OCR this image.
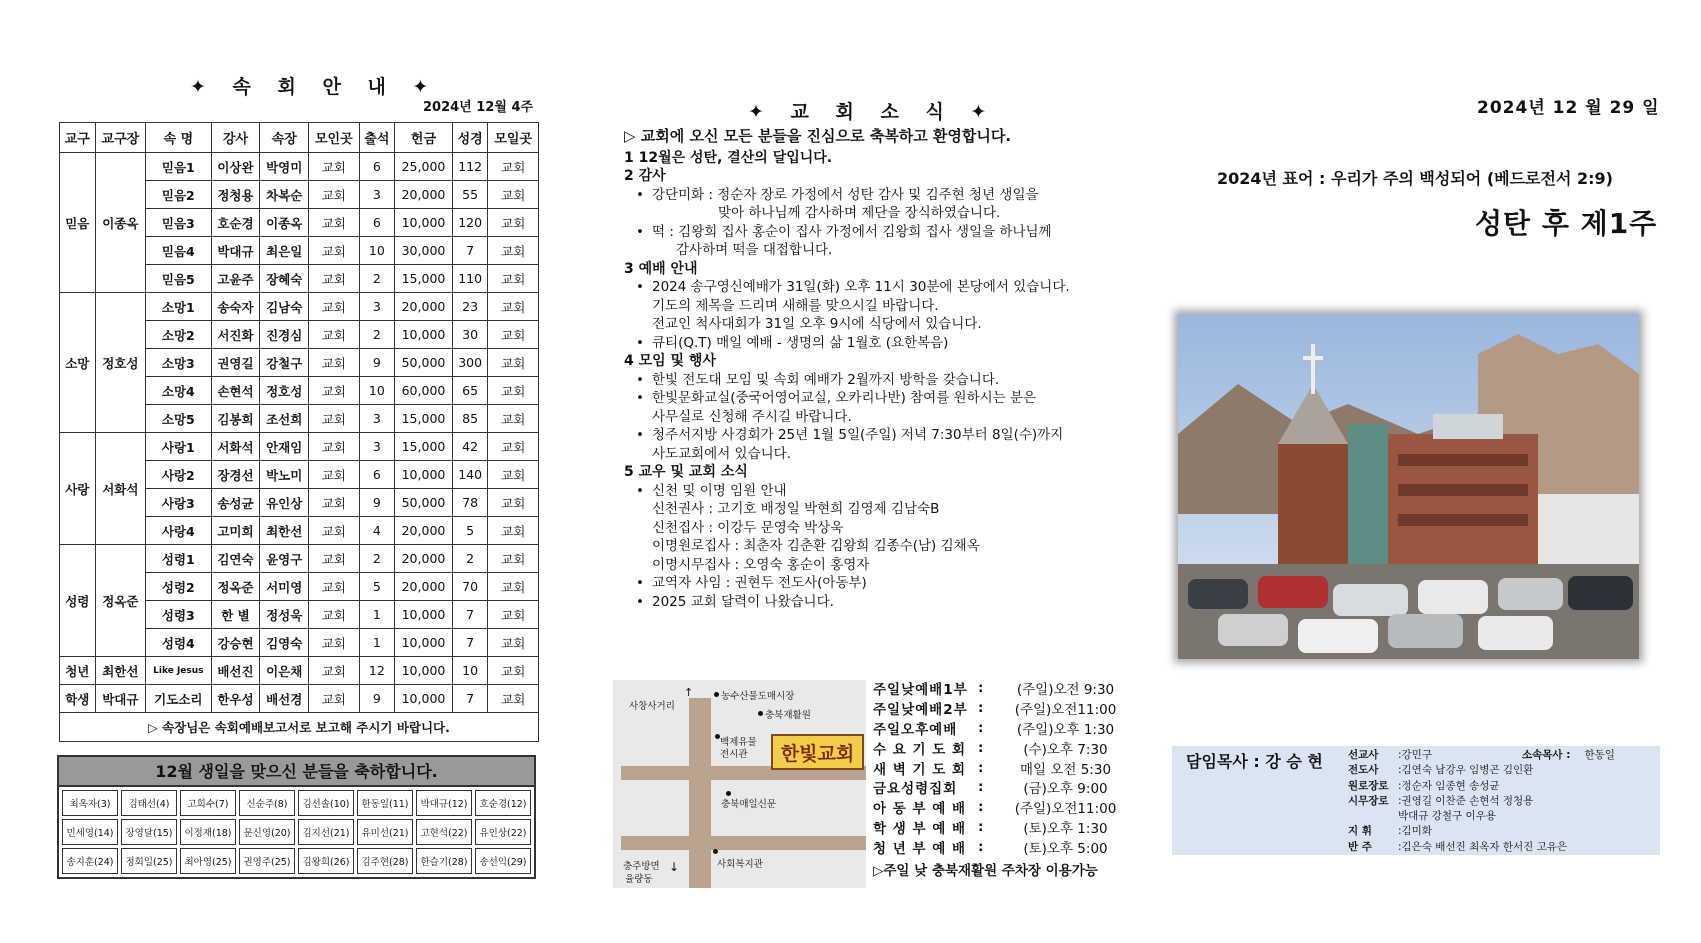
✦ 속 회 안 내 ✦
2024년 12월 4주
교구	교구장	속 명	강사	속장	모인곳	출석	헌금	성경	모일곳
믿음	이종옥	믿음1	이상완	박영미	교회	6	25,000	112	교회
		믿음2	정청용	차복순	교회	3	20,000	55	교회
		믿음3	호순경	이종옥	교회	6	10,000	120	교회
		믿음4	박대규	최은일	교회	10	30,000	7	교회
		믿음5	고윤주	장혜숙	교회	2	15,000	110	교회
소망	정호성	소망1	송숙자	김남숙	교회	3	20,000	23	교회
		소망2	서진화	진경심	교회	2	10,000	30	교회
		소망3	권영길	강철구	교회	9	50,000	300	교회
		소망4	손현석	정호성	교회	10	60,000	65	교회
		소망5	김봉희	조선희	교회	3	15,000	85	교회
사랑	서화석	사랑1	서화석	안재임	교회	3	15,000	42	교회
		사랑2	장경선	박노미	교회	6	10,000	140	교회
		사랑3	송성균	유인상	교회	9	50,000	78	교회
		사랑4	고미희	최한선	교회	4	20,000	5	교회
성령	정옥준	성령1	김연숙	윤영구	교회	2	20,000	2	교회
		성령2	정옥준	서미영	교회	5	20,000	70	교회
		성령3	한 별	정성욱	교회	1	10,000	7	교회
		성령4	강승현	김영숙	교회	1	10,000	7	교회
청년	최한선	Like Jesus	배선진	이은채	교회	12	10,000	10	교회
학생	박대규	기도소리	한우성	배선경	교회	9	10,000	7	교회
▷ 속장님은 속회예배보고서로 보고해 주시기 바랍니다.									
12월 생일을 맞으신 분들을 축하합니다.
최옥자(3)	김태선(4)	고희수(7)	신순주(8)	김선솔(10)	한동일(11)	박대규(12)	호순경(12)
민세영(14)	장영달(15)	이정재(18)	문신영(20)	김지선(21)	유미선(21)	고현석(22)	유인상(22)
송지훈(24)	정회일(25)	최아영(25)	권영주(25)	김왕희(26)	김주현(28)	한슬기(28)	송선익(29)
✦ 교 회 소 식 ✦
▷ 교회에 오신 모든 분들을 진심으로 축복하고 환영합니다.
1 12월은 성탄, 결산의 달입니다.
2 감사
• 강단미화 : 정순자 장로 가정에서 성탄 감사 및 김주현 청년 생일을
맞아 하나님께 감사하며 제단을 장식하였습니다.
• 떡 : 김왕희 집사 홍순이 집사 가정에서 김왕희 집사 생일을 하나님께
감사하며 떡을 대접합니다.
3 예배 안내
• 2024 송구영신예배가 31일(화) 오후 11시 30분에 본당에서 있습니다.
기도의 제목을 드리며 새해를 맞으시길 바랍니다.
전교인 척사대회가 31일 오후 9시에 식당에서 있습니다.
• 큐티(Q.T) 매일 예배 - 생명의 삶 1월호 (요한복음)
4 모임 및 행사
• 한빛 전도대 모임 및 속회 예배가 2월까지 방학을 갖습니다.
• 한빛문화교실(중국어영어교실, 오카리나반) 참여를 원하시는 분은
사무실로 신청해 주시길 바랍니다.
• 청주서지방 사경회가 25년 1월 5일(주일) 저녁 7:30부터 8일(수)까지
사도교회에서 있습니다.
5 교우 및 교회 소식
• 신천 및 이명 임원 안내
신천권사 : 고기호 배정일 박현희 김영제 김남숙B
신천집사 : 이강두 문영숙 박상욱
이명원로집사 : 최춘자 김춘환 김왕희 김종수(남) 김채옥
이명시무집사 : 오영숙 홍순이 홍영자
• 교역자 사임 : 권현두 전도사(아동부)
• 2025 교회 달력이 나왔습니다.
사창사거리
↑	농수산물도매시장
충북재활원
백제유물
전시관
충북매일신문
충주방면
율량동
↓	사회복지관
한빛교회
주일낮예배1부 :	(주일)오전 9:30
주일낮예배2부 :	(주일)오전11:00
주일오후예배	:	(주일)오후 1:30
수 요 기 도 회 :	(수)오후 7:30
새 벽 기 도 회 :	매일 오전 5:30
금요성령집회	:	(금)오후 9:00
아 동 부 예 배 :	(주일)오전11:00
학 생 부 예 배 :	(토)오후 1:30
청 년 부 예 배 :	(토)오후 5:00
▷주일 낮 충북재활원 주차장 이용가능
2024년 12 월 29 일
2024년 표어 : 우리가 주의 백성되어 (베드로전서 2:9)
성탄 후 제1주
담임목사 : 강 승 현 선교사	:강민구
전도사	:김연숙 남강우 임병곤 김인환
원로장로 :정순자 임종현 송성균
시무장로 :권영길 이찬준 손현석 정청용
박대규 강철구 이우용
지 휘	:김미화
반 주	:김은숙 배선진 최옥자 한서진 고유은
소속목사 : 한동일
